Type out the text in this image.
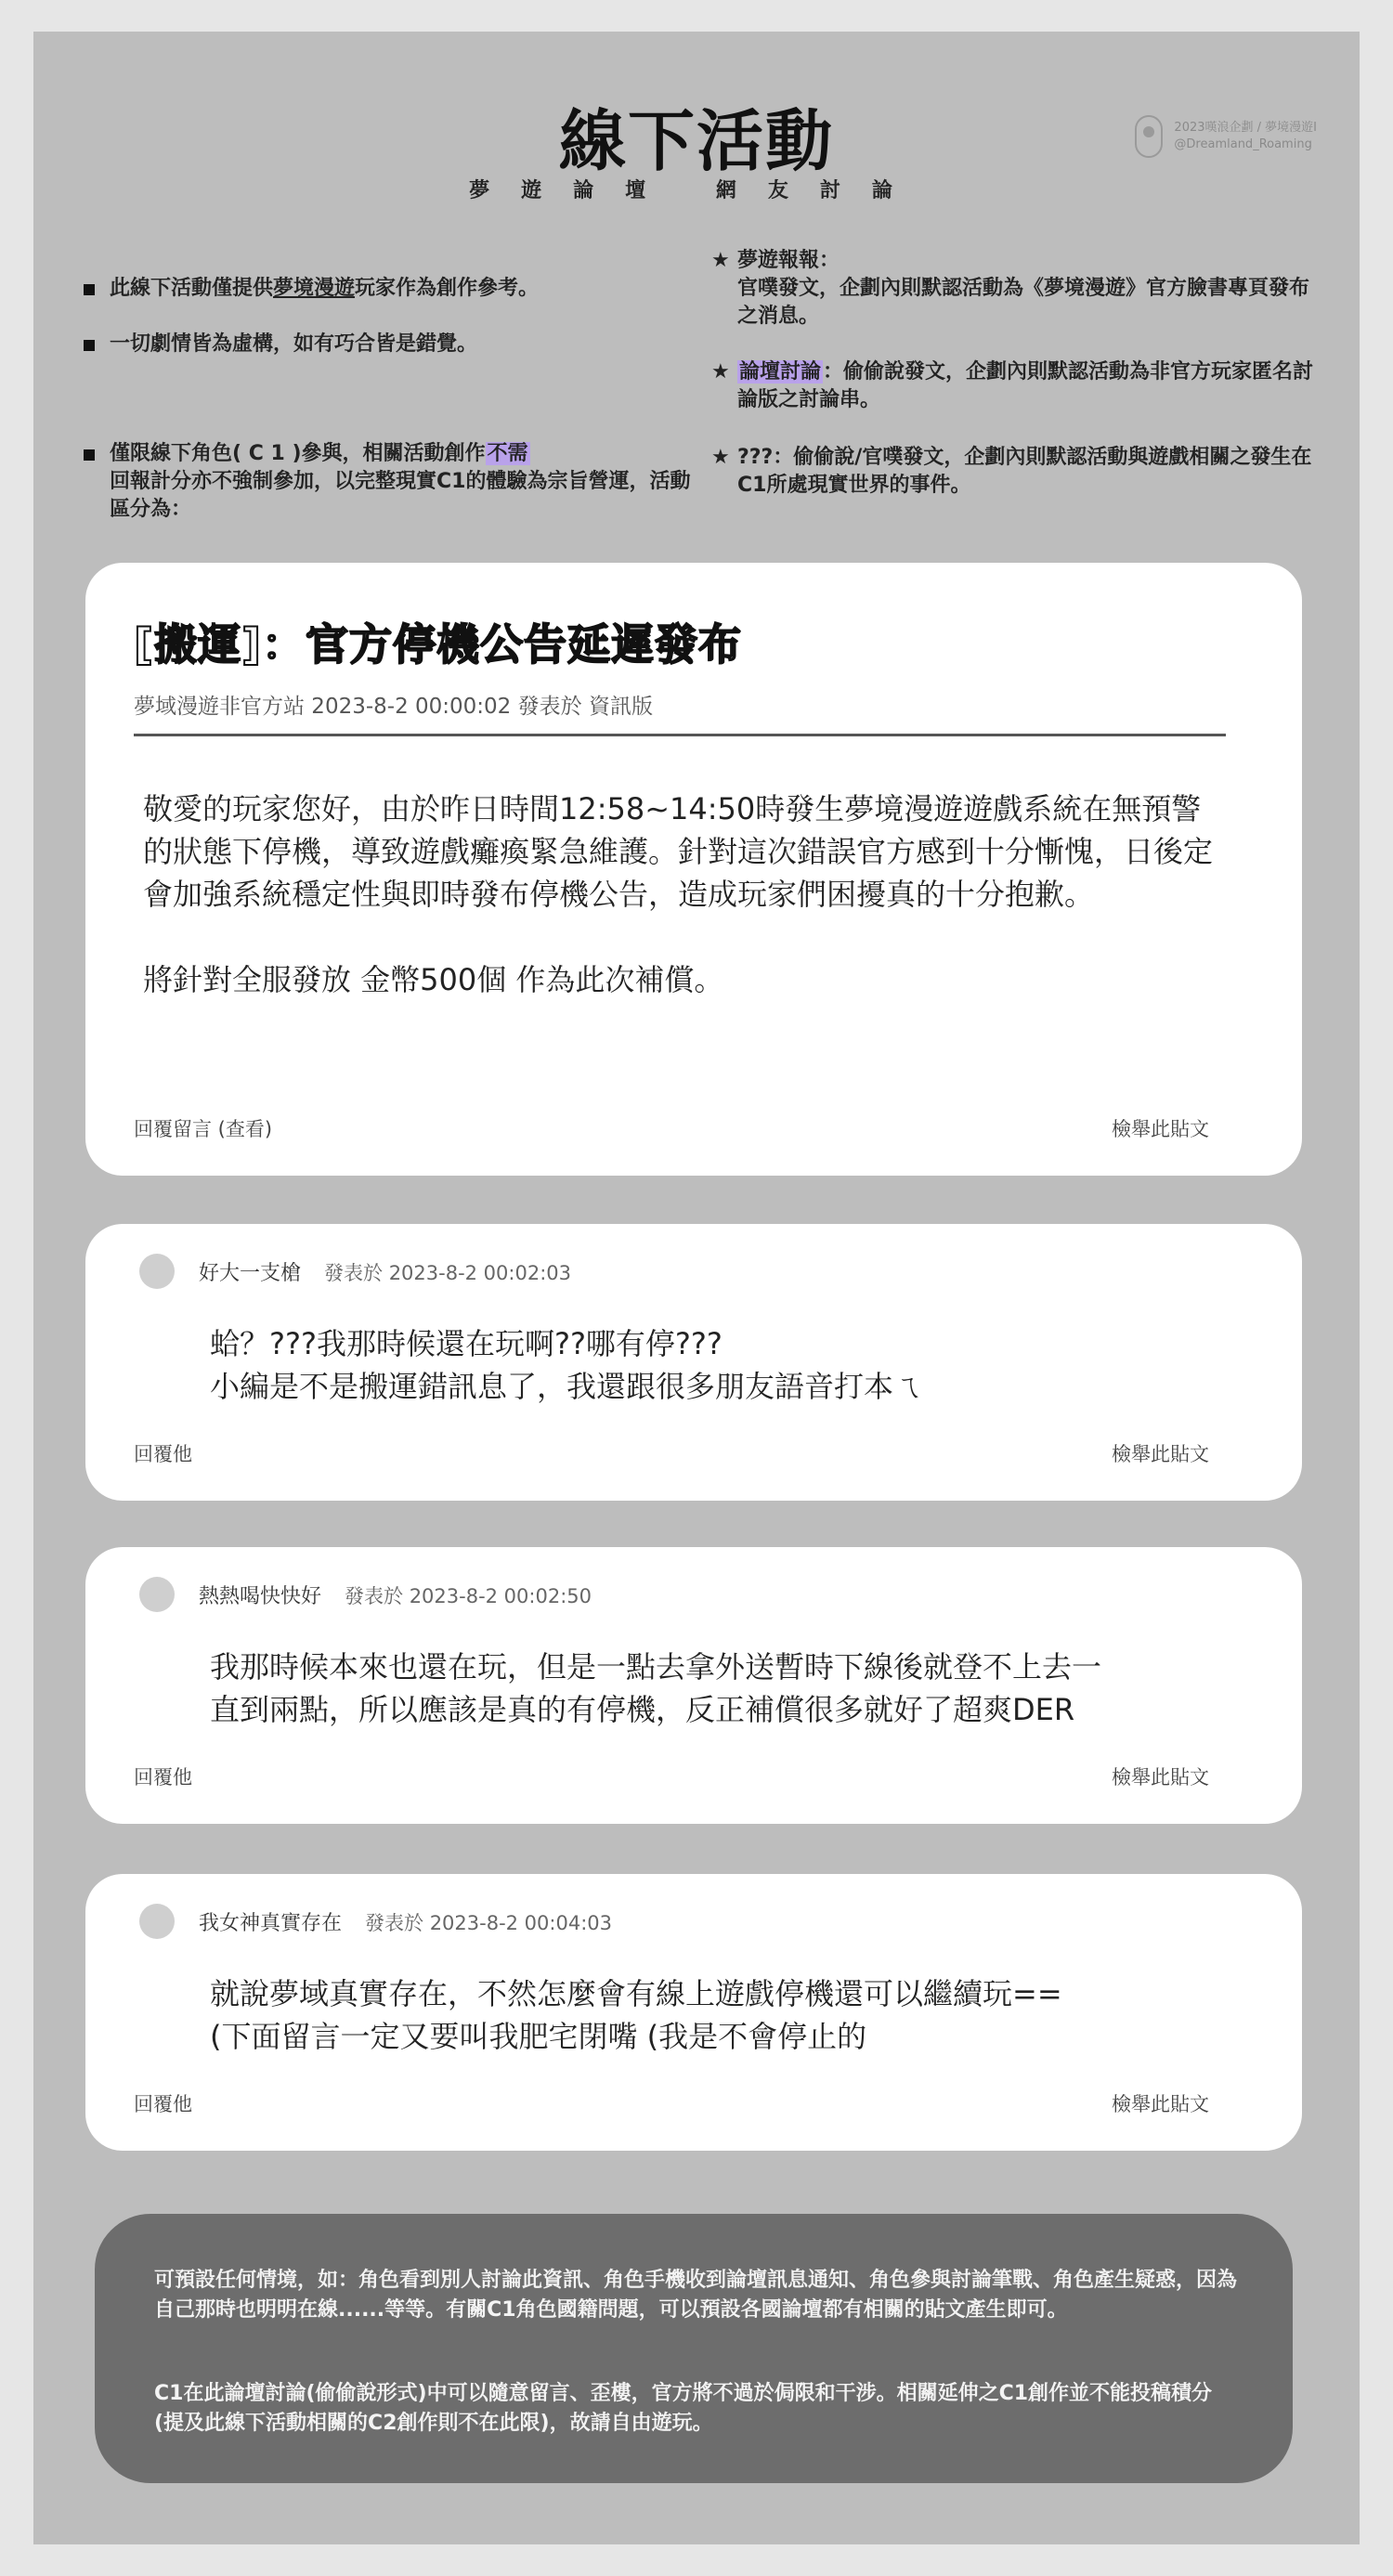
線下活動
夢遊論壇 網友討論
2023嘆浪企劃 / 夢境漫遊I
@Dreamland_Roaming
此線下活動僅提供夢境漫遊玩家作為創作參考。
一切劇情皆為虛構，如有巧合皆是錯覺。
僅限線下角色( C 1 )參與，相關活動創作不需
回報計分亦不強制參加，以完整現實C1的體驗為宗旨營運，活動區分為：
★ 夢遊報報：
官噗發文，企劃內則默認活動為《夢境漫遊》官方臉書專頁發布之消息。
★ 論壇討論：偷偷說發文，企劃內則默認活動為非官方玩家匿名討論版之討論串。
★ ???：偷偷說/官噗發文，企劃內則默認活動與遊戲相關之發生在C1所處現實世界的事件。
[搬運]：官方停機公告延遲發布
夢域漫遊非官方站 2023-8-2 00:00:02 發表於 資訊版

敬愛的玩家您好，由於昨日時間12:58~14:50時發生夢境漫遊遊戲系統在無預警的狀態下停機，導致遊戲癱瘓緊急維護。針對這次錯誤官方感到十分慚愧，日後定會加強系統穩定性與即時發布停機公告，造成玩家們困擾真的十分抱歉。

將針對全服發放 金幣500個 作為此次補償。

回覆留言 (查看)	檢舉此貼文
好大一支槍 發表於 2023-8-2 00:02:03
蛤？???我那時候還在玩啊??哪有停???
小編是不是搬運錯訊息了，我還跟很多朋友語音打本ㄟ
回覆他	檢舉此貼文
熱熱喝快快好 發表於 2023-8-2 00:02:50
我那時候本來也還在玩，但是一點去拿外送暫時下線後就登不上去一
直到兩點，所以應該是真的有停機，反正補償很多就好了超爽DER
回覆他	檢舉此貼文
我女神真實存在 發表於 2023-8-2 00:04:03
就說夢域真實存在，不然怎麼會有線上遊戲停機還可以繼續玩==
(下面留言一定又要叫我肥宅閉嘴 (我是不會停止的
回覆他	檢舉此貼文
可預設任何情境，如：角色看到別人討論此資訊、角色手機收到論壇訊息通知、角色參與討論筆戰、角色產生疑惑，因為自己那時也明明在線......等等。有關C1角色國籍問題，可以預設各國論壇都有相關的貼文產生即可。
C1在此論壇討論(偷偷說形式)中可以隨意留言、歪樓，官方將不過於侷限和干涉。相關延伸之C1創作並不能投稿積分(提及此線下活動相關的C2創作則不在此限)，故請自由遊玩。
